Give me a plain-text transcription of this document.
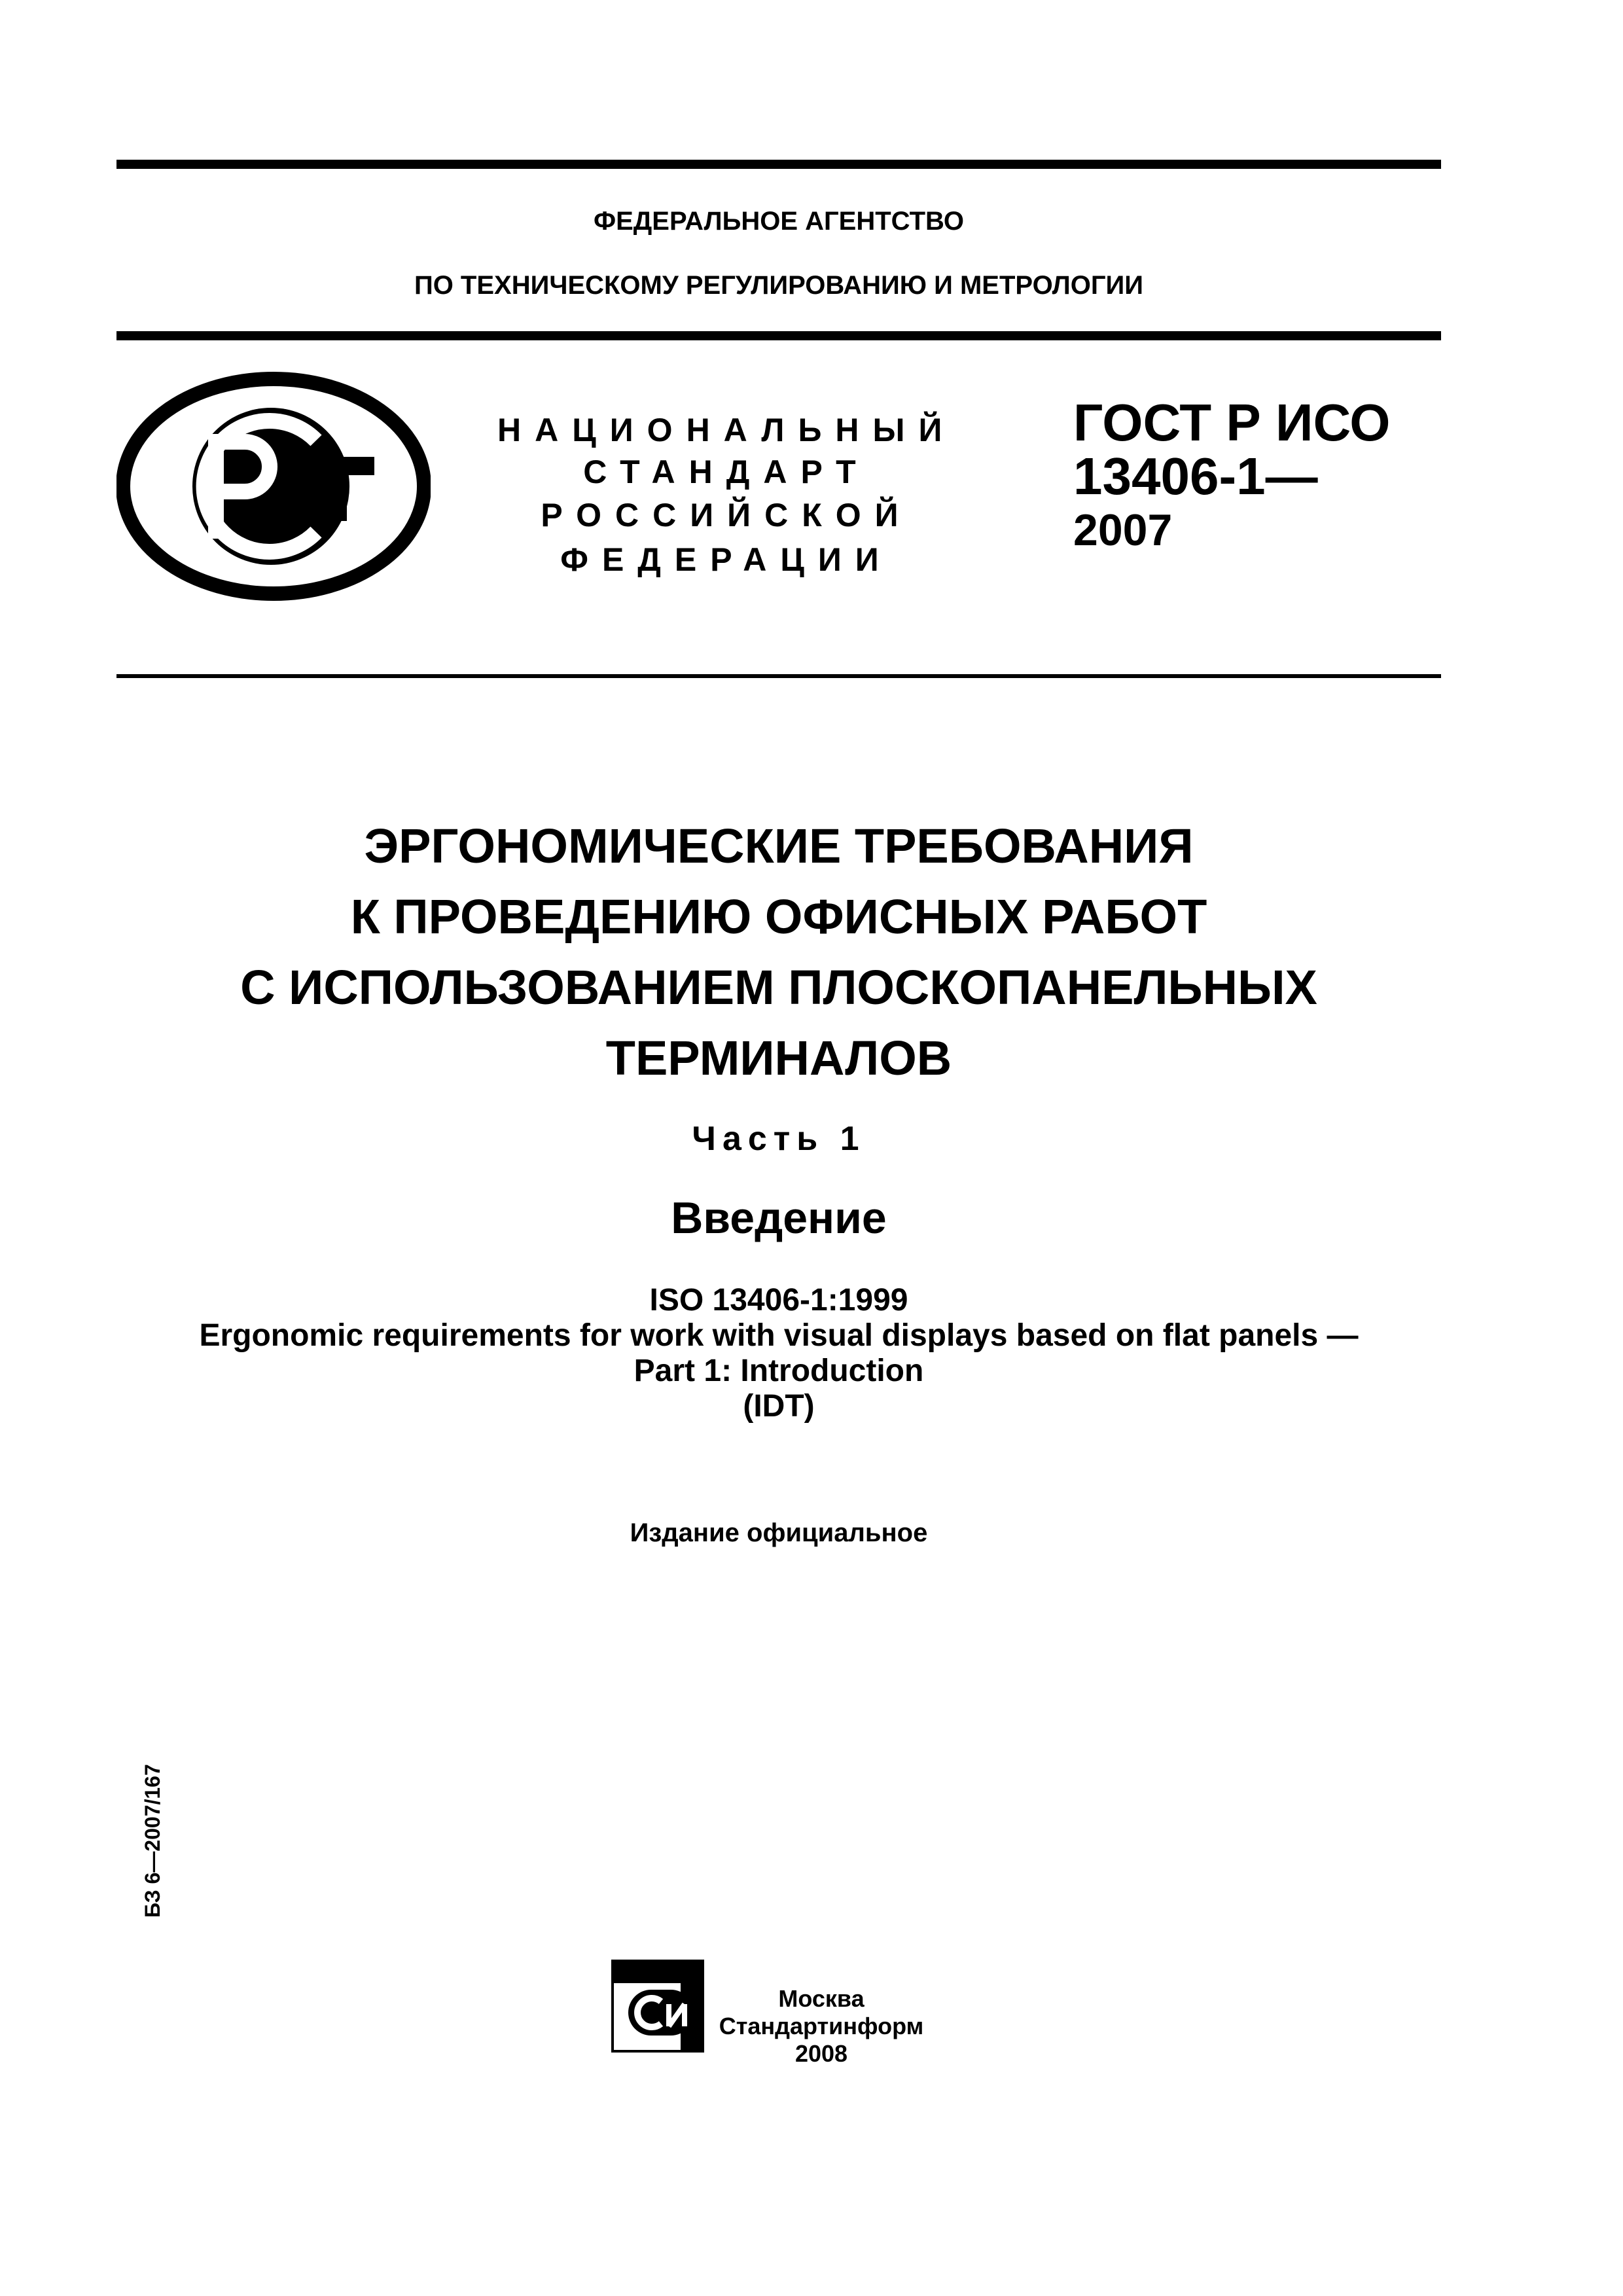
ФЕДЕРАЛЬНОЕ АГЕНТСТВО
ПО ТЕХНИЧЕСКОМУ РЕГУЛИРОВАНИЮ И МЕТРОЛОГИИ
НАЦИОНАЛЬНЫЙ
СТАНДАРТ
РОССИЙСКОЙ
ФЕДЕРАЦИИ
ГОСТ Р ИСО
13406-1—
2007
ЭРГОНОМИЧЕСКИЕ ТРЕБОВАНИЯ
К ПРОВЕДЕНИЮ ОФИСНЫХ РАБОТ
С ИСПОЛЬЗОВАНИЕМ ПЛОСКОПАНЕЛЬНЫХ
ТЕРМИНАЛОВ
Часть 1
Введение
ISO 13406-1:1999
Ergonomic requirements for work with visual displays based on flat panels —
Part 1: Introduction
(IDT)
Издание официальное
БЗ 6—2007/167
Москва
Стандартинформ
2008
